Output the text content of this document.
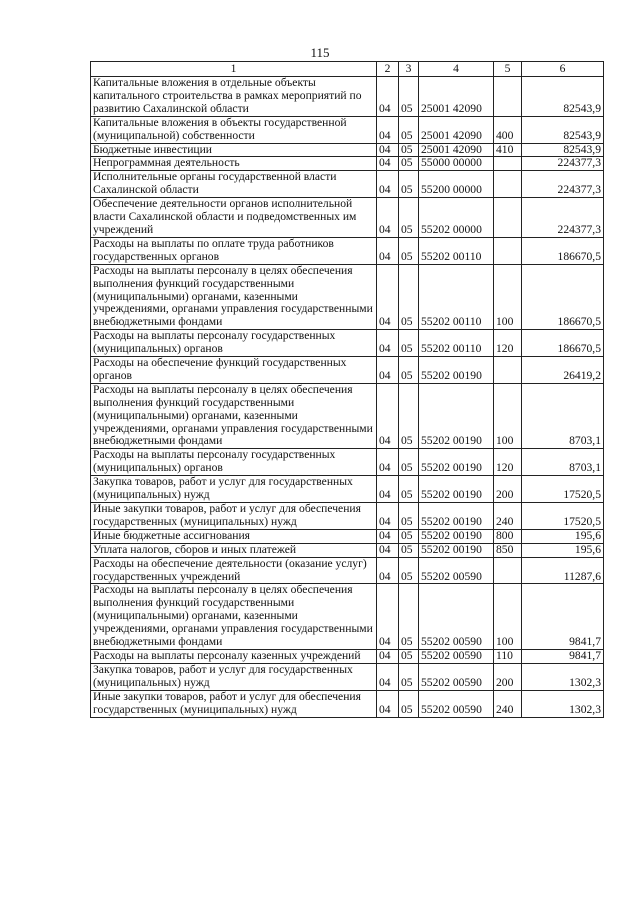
115
1	2	3	4	5	6
Капитальные вложения в отдельные объекты капитального строительства в рамках мероприятий по развитию Сахалинской области	04	05	25001 42090		82543,9
Капитальные вложения в объекты государственной (муниципальной) собственности	04	05	25001 42090	400	82543,9
Бюджетные инвестиции	04	05	25001 42090	410	82543,9
Непрограммная деятельность	04	05	55000 00000		224377,3
Исполнительные органы государственной власти Сахалинской области	04	05	55200 00000		224377,3
Обеспечение деятельности органов исполнительной власти Сахалинской области и подведомственных им учреждений	04	05	55202 00000		224377,3
Расходы на выплаты по оплате труда работников государственных органов	04	05	55202 00110		186670,5
Расходы на выплаты персоналу в целях обеспечения выполнения функций государственными (муниципальными) органами, казенными учреждениями, органами управления государственными внебюджетными фондами	04	05	55202 00110	100	186670,5
Расходы на выплаты персоналу государственных (муниципальных) органов	04	05	55202 00110	120	186670,5
Расходы на обеспечение функций государственных органов	04	05	55202 00190		26419,2
Расходы на выплаты персоналу в целях обеспечения выполнения функций государственными (муниципальными) органами, казенными учреждениями, органами управления государственными внебюджетными фондами	04	05	55202 00190	100	8703,1
Расходы на выплаты персоналу государственных (муниципальных) органов	04	05	55202 00190	120	8703,1
Закупка товаров, работ и услуг для государственных (муниципальных) нужд	04	05	55202 00190	200	17520,5
Иные закупки товаров, работ и услуг для обеспечения государственных (муниципальных) нужд	04	05	55202 00190	240	17520,5
Иные бюджетные ассигнования	04	05	55202 00190	800	195,6
Уплата налогов, сборов и иных платежей	04	05	55202 00190	850	195,6
Расходы на обеспечение деятельности (оказание услуг) государственных учреждений	04	05	55202 00590		11287,6
Расходы на выплаты персоналу в целях обеспечения выполнения функций государственными (муниципальными) органами, казенными учреждениями, органами управления государственными внебюджетными фондами	04	05	55202 00590	100	9841,7
Расходы на выплаты персоналу казенных учреждений	04	05	55202 00590	110	9841,7
Закупка товаров, работ и услуг для государственных (муниципальных) нужд	04	05	55202 00590	200	1302,3
Иные закупки товаров, работ и услуг для обеспечения государственных (муниципальных) нужд	04	05	55202 00590	240	1302,3
